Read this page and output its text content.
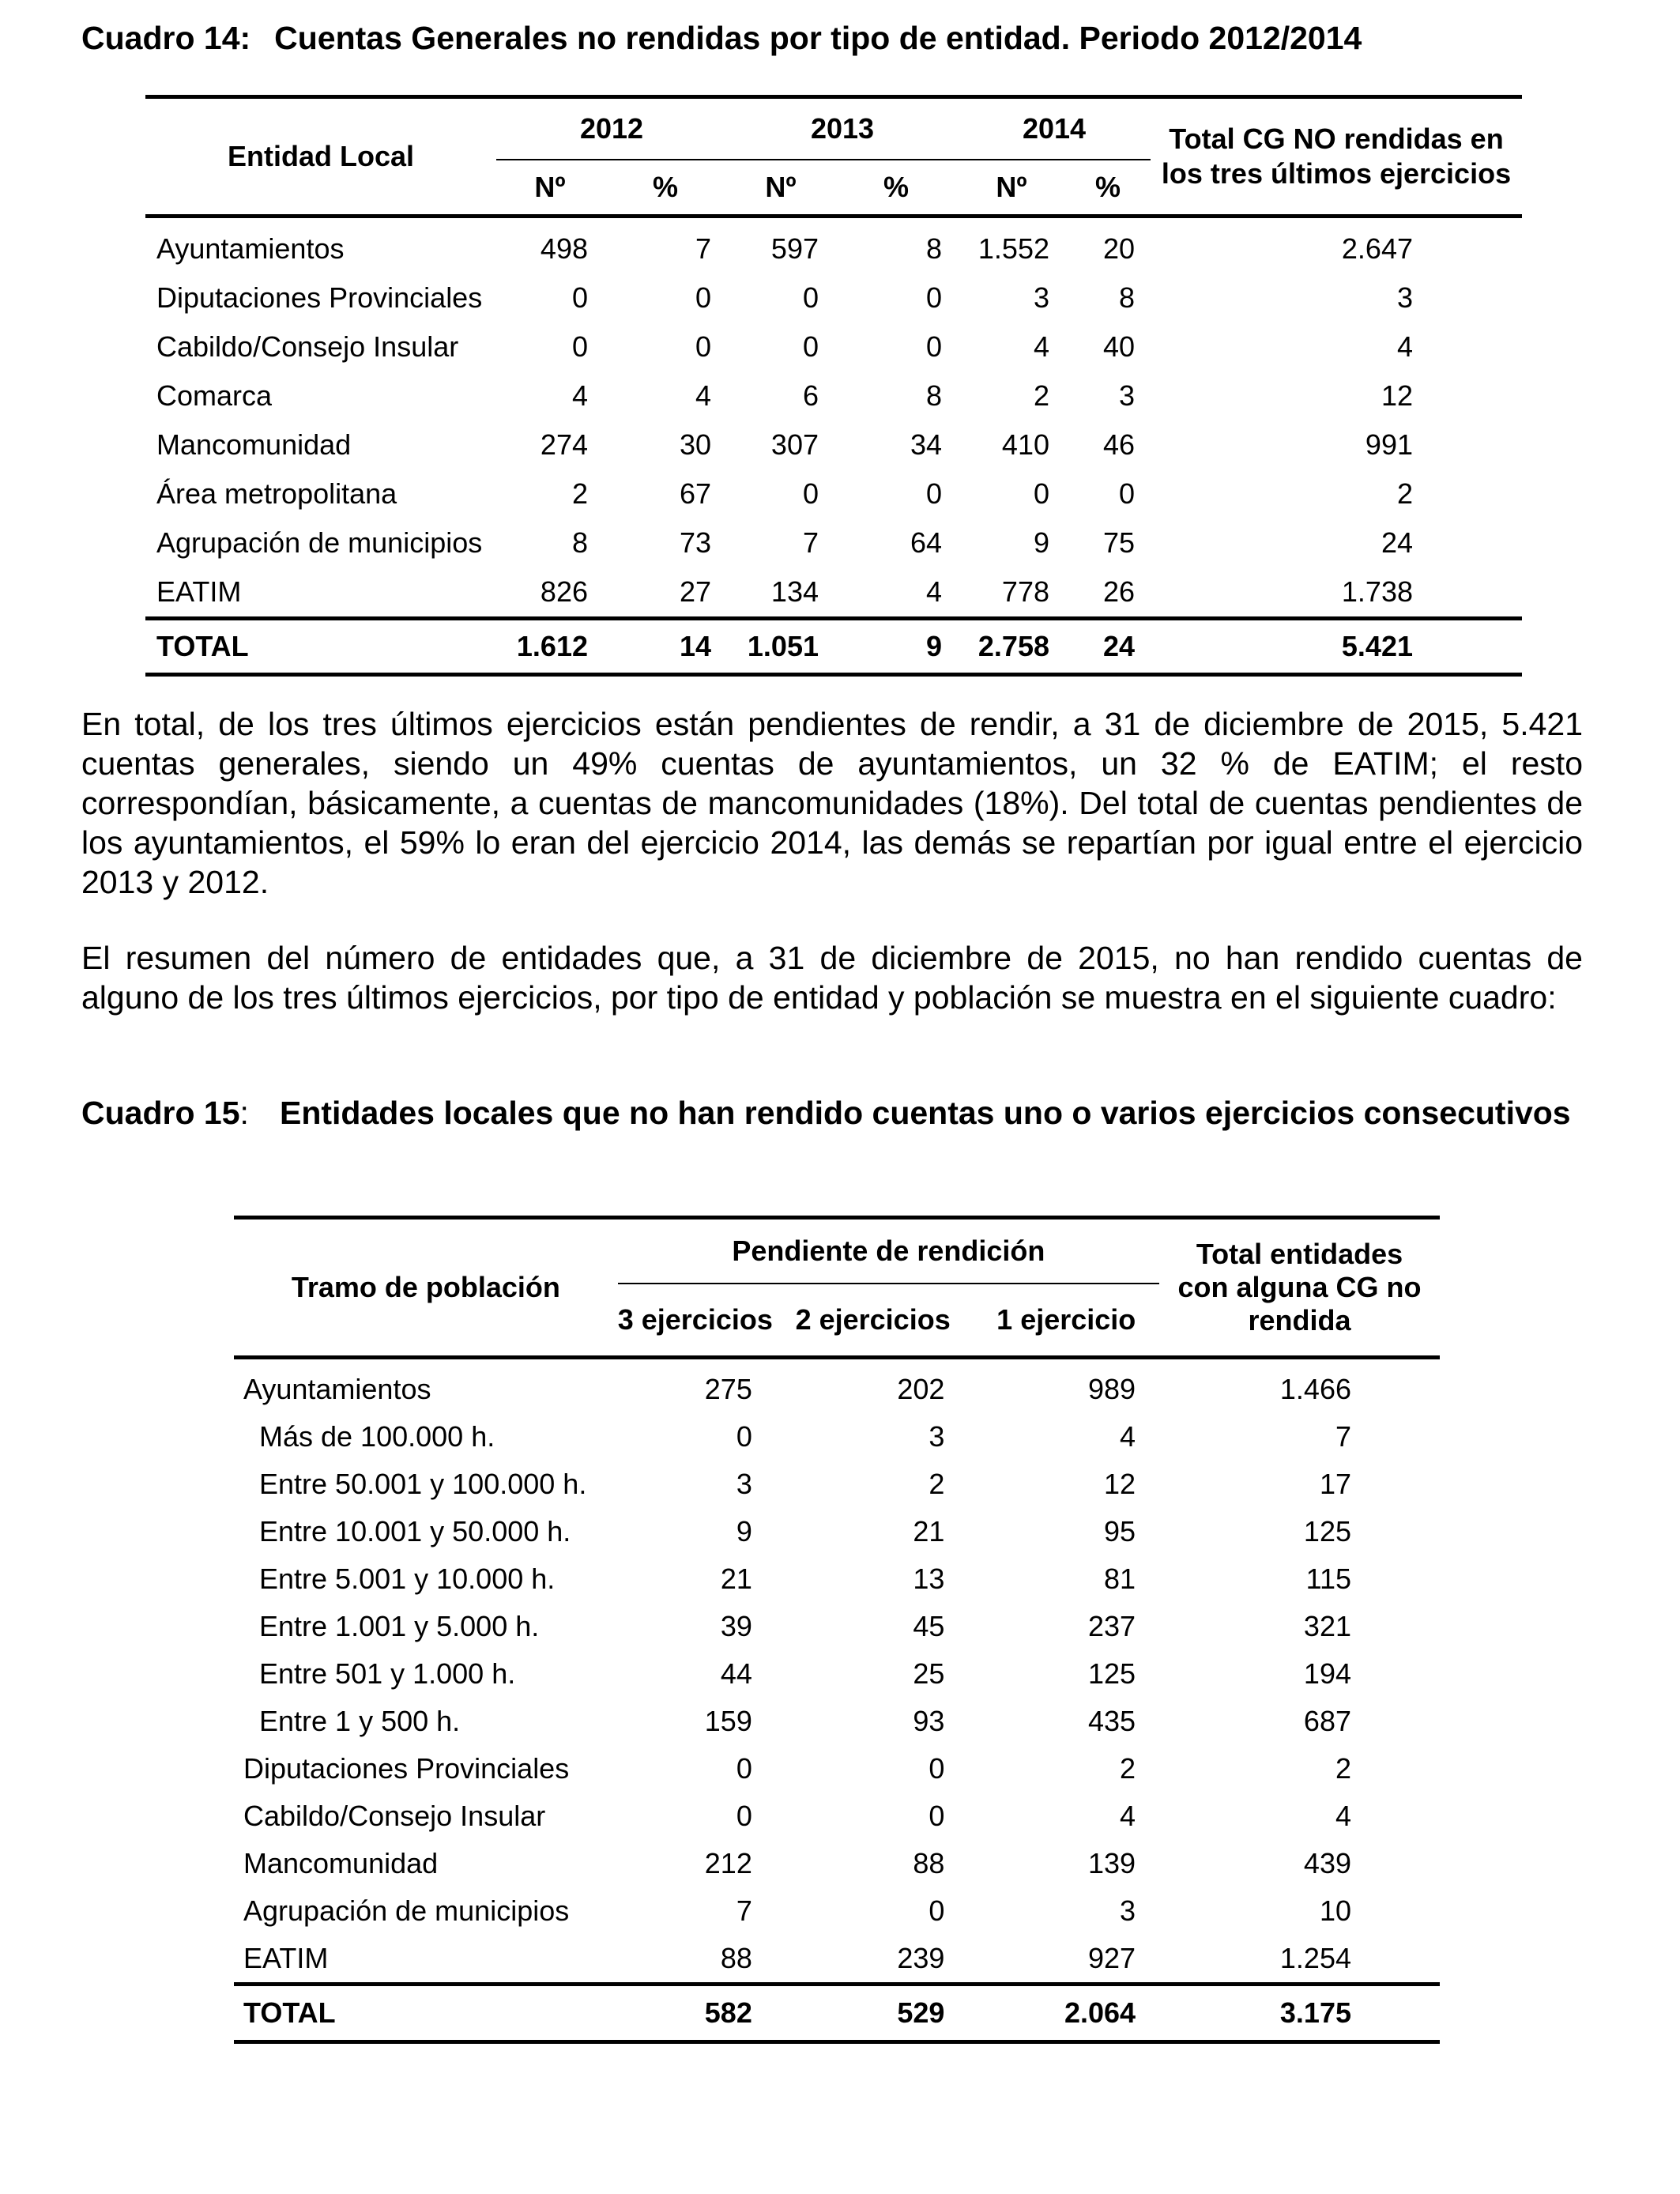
Cuadro 14: Cuentas Generales no rendidas por tipo de entidad. Periodo 2012/2014

Entidad Local	2012		2013		2014		Total CG NO rendidas en los tres últimos ejercicios
	Nº	%	Nº	%	Nº	%	
Ayuntamientos	498	7	597	8	1.552	20	2.647
Diputaciones Provinciales	0	0	0	0	3	8	3
Cabildo/Consejo Insular	0	0	0	0	4	40	4
Comarca	4	4	6	8	2	3	12
Mancomunidad	274	30	307	34	410	46	991
Área metropolitana	2	67	0	0	0	0	2
Agrupación de municipios	8	73	7	64	9	75	24
EATIM	826	27	134	4	778	26	1.738
TOTAL	1.612	14	1.051	9	2.758	24	5.421
En total, de los tres últimos ejercicios están pendientes de rendir, a 31 de diciembre de 2015, 5.421 cuentas generales, siendo un 49% cuentas de ayuntamientos, un 32 % de EATIM; el resto correspondían, básicamente, a cuentas de mancomunidades (18%). Del total de cuentas pendientes de los ayuntamientos, el 59% lo eran del ejercicio 2014, las demás se repartían por igual entre el ejercicio 2013 y 2012.
El resumen del número de entidades que, a 31 de diciembre de 2015, no han rendido cuentas de alguno de los tres últimos ejercicios, por tipo de entidad y población se muestra en el siguiente cuadro:
Cuadro 15: Entidades locales que no han rendido cuentas uno o varios ejercicios consecutivos
Tramo de población	Pendiente de rendición			Total entidades con alguna CG no rendida
	3 ejercicios	2 ejercicios	1 ejercicio	
Ayuntamientos	275	202	989	1.466
Más de 100.000 h.	0	3	4	7
Entre 50.001 y 100.000 h.	3	2	12	17
Entre 10.001 y 50.000 h.	9	21	95	125
Entre 5.001 y 10.000 h.	21	13	81	115
Entre 1.001 y 5.000 h.	39	45	237	321
Entre 501 y 1.000 h.	44	25	125	194
Entre 1 y 500 h.	159	93	435	687
Diputaciones Provinciales	0	0	2	2
Cabildo/Consejo Insular	0	0	4	4
Mancomunidad	212	88	139	439
Agrupación de municipios	7	0	3	10
EATIM	88	239	927	1.254
TOTAL	582	529	2.064	3.175
